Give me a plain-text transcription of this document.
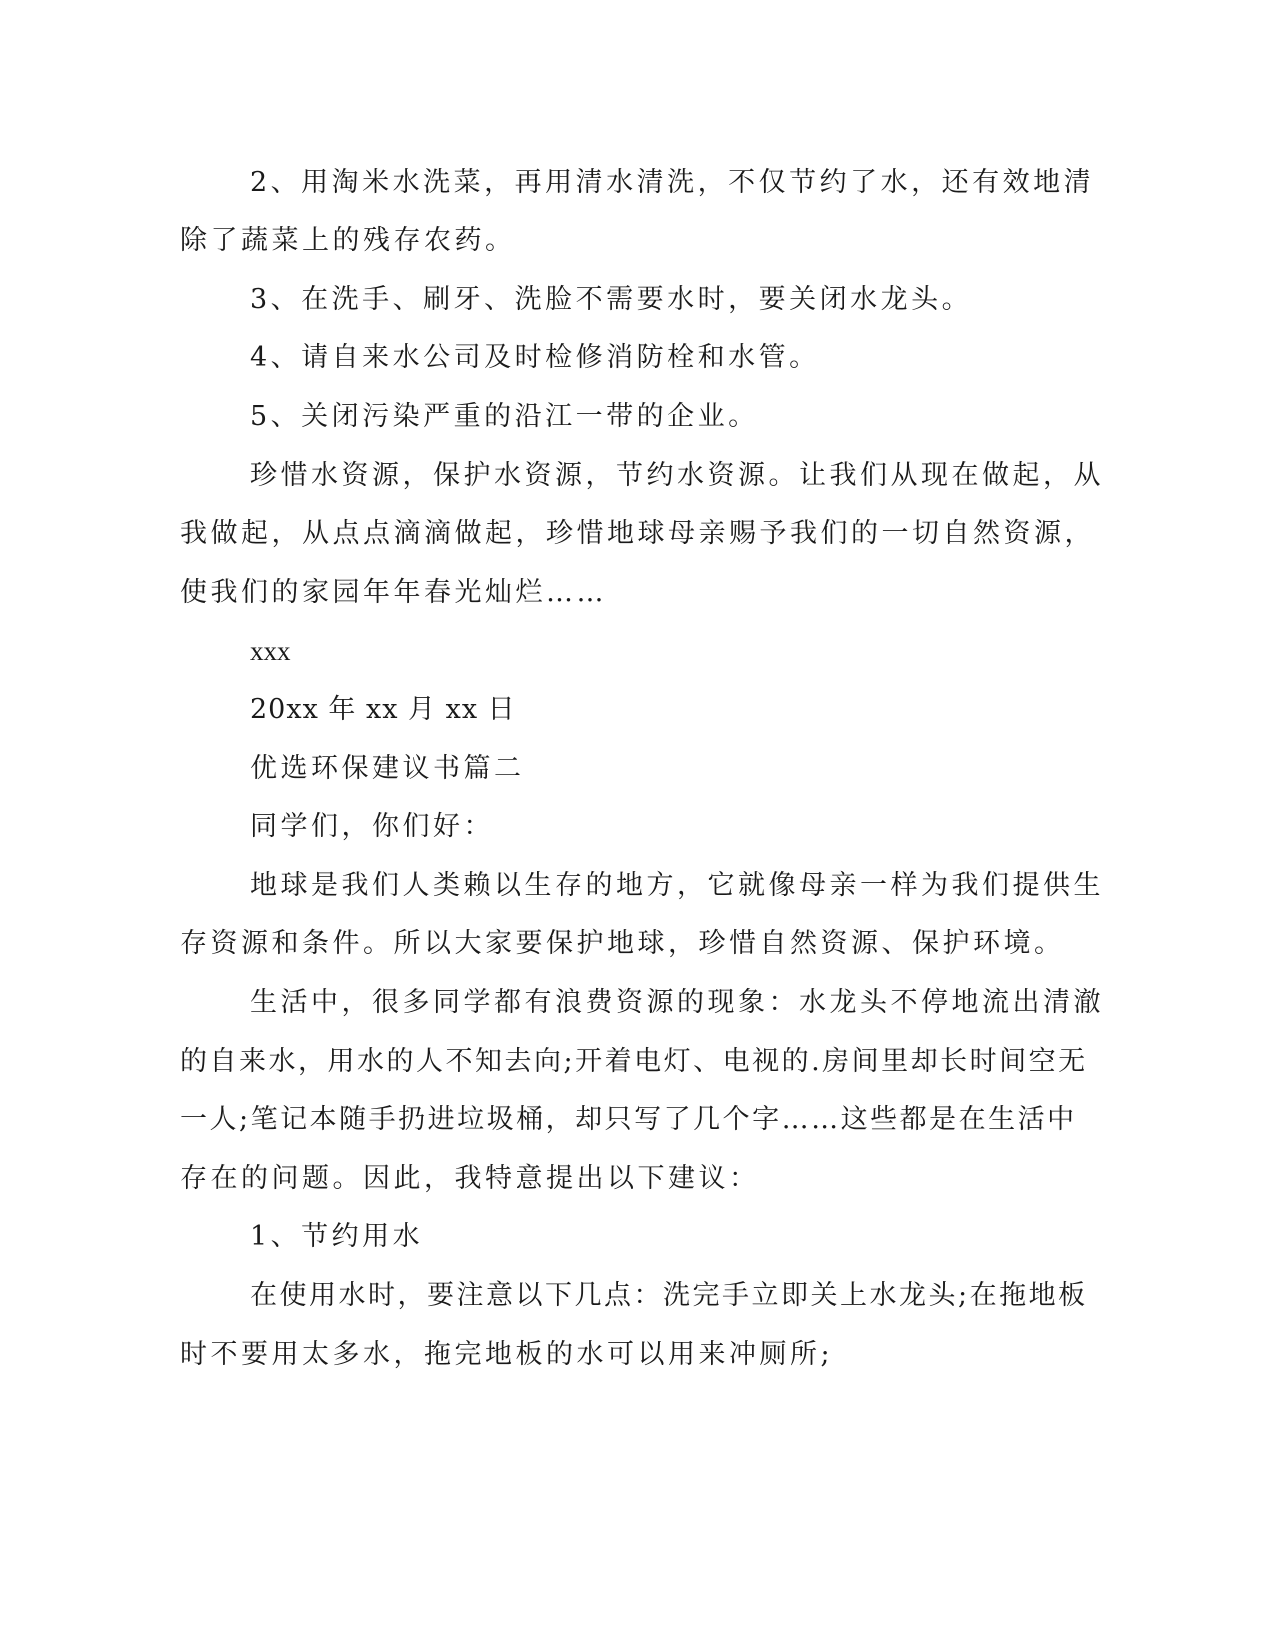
2、用淘米水洗菜，再用清水清洗，不仅节约了水，还有效地清
除了蔬菜上的残存农药。
3、在洗手、刷牙、洗脸不需要水时，要关闭水龙头。
4、请自来水公司及时检修消防栓和水管。
5、关闭污染严重的沿江一带的企业。
珍惜水资源，保护水资源，节约水资源。让我们从现在做起，从
我做起，从点点滴滴做起，珍惜地球母亲赐予我们的一切自然资源，
使我们的家园年年春光灿烂……
xxx
20xx 年 xx 月 xx 日
优选环保建议书篇二
同学们，你们好：
地球是我们人类赖以生存的地方，它就像母亲一样为我们提供生
存资源和条件。所以大家要保护地球，珍惜自然资源、保护环境。
生活中，很多同学都有浪费资源的现象：水龙头不停地流出清澈
的自来水，用水的人不知去向;开着电灯、电视的.房间里却长时间空无
一人;笔记本随手扔进垃圾桶，却只写了几个字……这些都是在生活中
存在的问题。因此，我特意提出以下建议：
1、节约用水
在使用水时，要注意以下几点：洗完手立即关上水龙头;在拖地板
时不要用太多水，拖完地板的水可以用来冲厕所;
